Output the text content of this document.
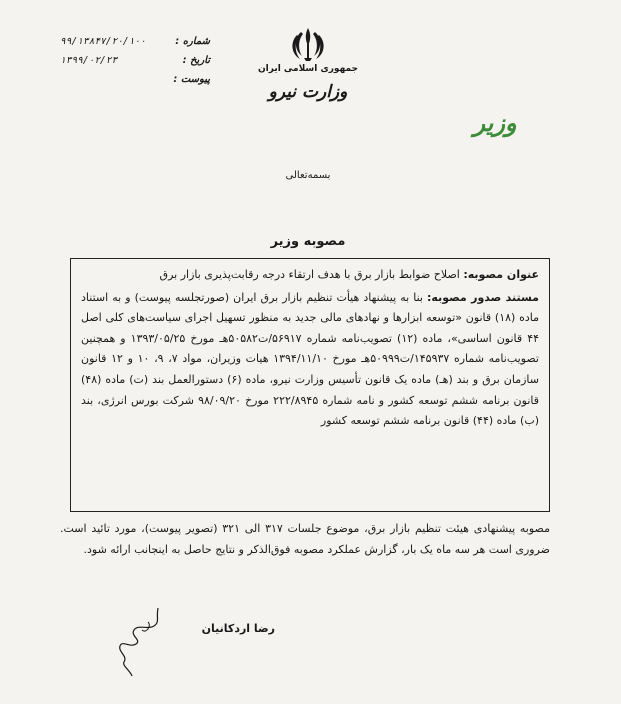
شماره :
۹۹/۱۳۸۴۷/۲۰/۱۰۰
تاریخ :
۱۳۹۹/۰۲/۲۳
پیوست :
جمهوری اسلامی ایران
وزارت نیرو
وزیر
بسمه‌تعالی
مصوبه وزیر
عنوان مصوبه: اصلاح ضوابط بازار برق با هدف ارتقاء درجه رقابت‌پذیری بازار برق
مستند صدور مصوبه: بنا به پیشنهاد هیأت تنظیم بازار برق ایران (صورتجلسه پیوست) و به استناد ماده (۱۸) قانون «توسعه ابزارها و نهادهای مالی جدید به منظور تسهیل اجرای سیاست‌های کلی اصل ۴۴ قانون اساسی»، ماده (۱۲) تصویب‌نامه شماره ۵۶۹۱۷/ت۵۰۵۸۲هـ مورخ ۱۳۹۳/۰۵/۲۵ و همچنین تصویب‌نامه شماره ۱۴۵۹۳۷/ت۵۰۹۹۹هـ مورخ ۱۳۹۴/۱۱/۱۰ هیات وزیران، مواد ۷، ۹، ۱۰ و ۱۲ قانون سازمان برق و بند (هـ) ماده یک قانون تأسیس وزارت نیرو، ماده (۶) دستورالعمل بند (ت) ماده (۴۸) قانون برنامه ششم توسعه کشور و نامه شماره ۲۲۲/۸۹۴۵ مورخ ۹۸/۰۹/۲۰ شرکت بورس انرژی، بند (ب) ماده (۴۴) قانون برنامه ششم توسعه کشور
مصوبه پیشنهادی هیئت تنظیم بازار برق، موضوع جلسات ۳۱۷ الی ۳۲۱ (تصویر پیوست)، مورد تائید است. ضروری است هر سه ماه یک بار، گزارش عملکرد مصوبه فوق‌الذکر و نتایج حاصل به اینجانب ارائه شود.
رضا اردکانیان
